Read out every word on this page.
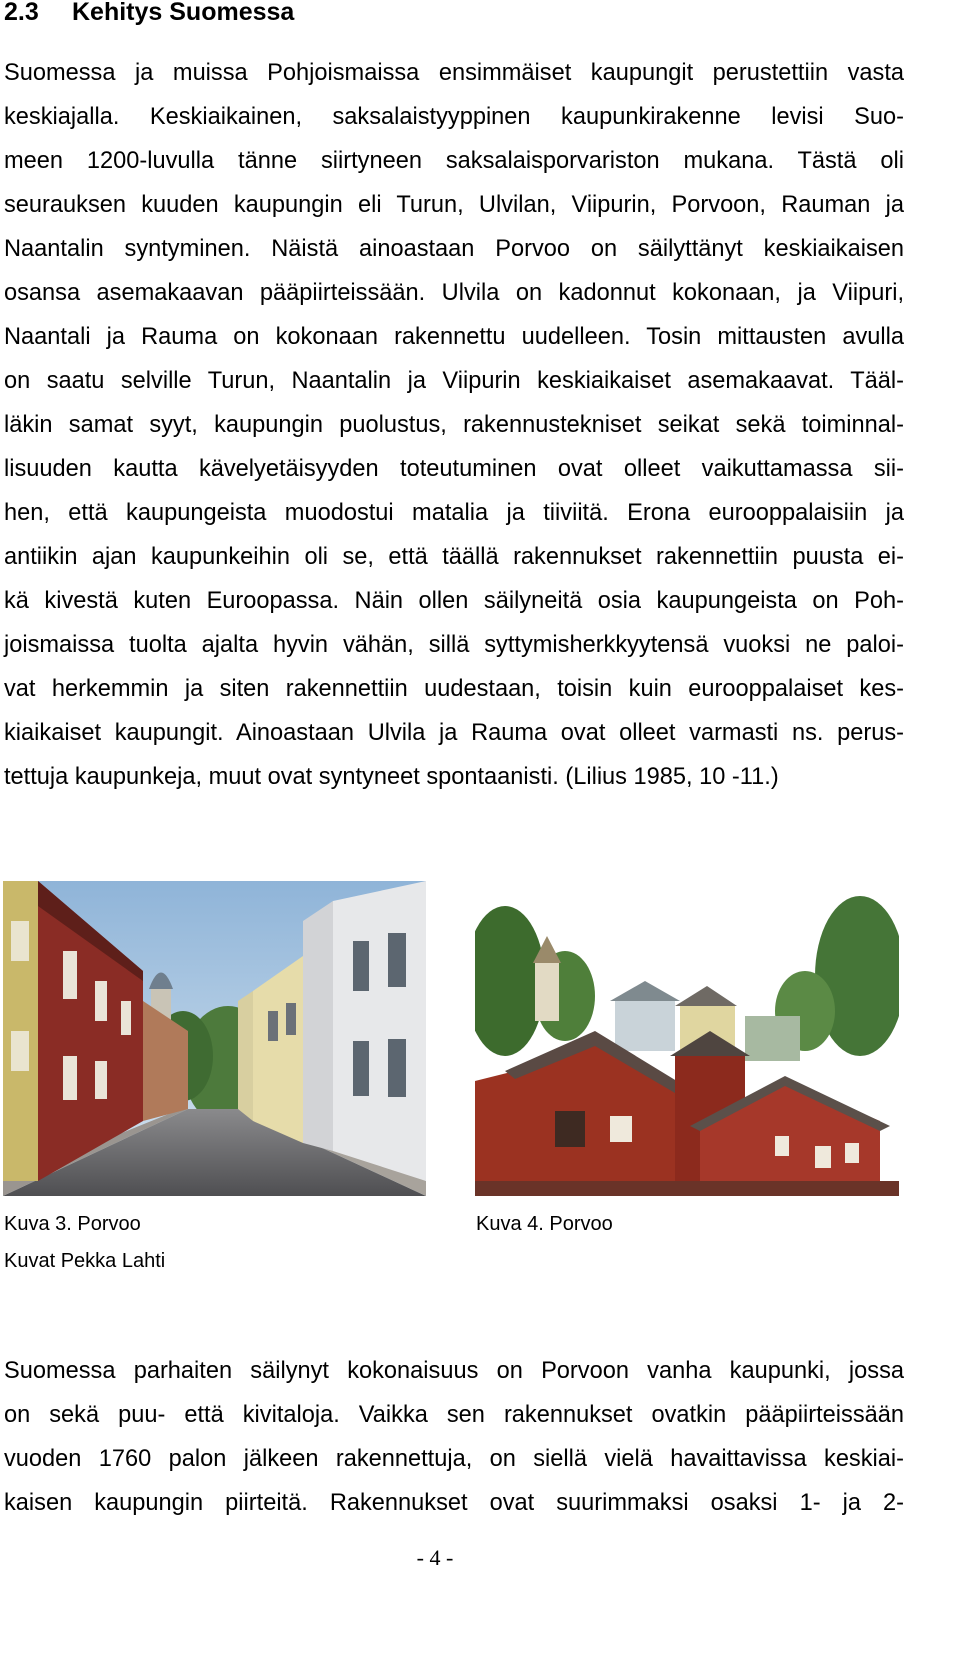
2.3 Kehitys Suomessa
Suomessa ja muissa Pohjoismaissa ensimmäiset kaupungit perustettiin vasta
keskiajalla. Keskiaikainen, saksalaistyyppinen kaupunkirakenne levisi Suo-
meen 1200-luvulla tänne siirtyneen saksalaisporvariston mukana. Tästä oli
seurauksen kuuden kaupungin eli Turun, Ulvilan, Viipurin, Porvoon, Rauman ja
Naantalin syntyminen. Näistä ainoastaan Porvoo on säilyttänyt keskiaikaisen
osansa asemakaavan pääpiirteissään. Ulvila on kadonnut kokonaan, ja Viipuri,
Naantali ja Rauma on kokonaan rakennettu uudelleen. Tosin mittausten avulla
on saatu selville Turun, Naantalin ja Viipurin keskiaikaiset asemakaavat. Tääl-
läkin samat syyt, kaupungin puolustus, rakennustekniset seikat sekä toiminnal-
lisuuden kautta kävelyetäisyyden toteutuminen ovat olleet vaikuttamassa sii-
hen, että kaupungeista muodostui matalia ja tiiviitä. Erona eurooppalaisiin ja
antiikin ajan kaupunkeihin oli se, että täällä rakennukset rakennettiin puusta ei-
kä kivestä kuten Euroopassa. Näin ollen säilyneitä osia kaupungeista on Poh-
joismaissa tuolta ajalta hyvin vähän, sillä syttymisherkkyytensä vuoksi ne paloi-
vat herkemmin ja siten rakennettiin uudestaan, toisin kuin eurooppalaiset kes-
kiaikaiset kaupungit. Ainoastaan Ulvila ja Rauma ovat olleet varmasti ns. perus-
tettuja kaupunkeja, muut ovat syntyneet spontaanisti. (Lilius 1985, 10 -11.)
Kuva 3. Porvoo	Kuva 4. Porvoo
Kuvat Pekka Lahti
Suomessa parhaiten säilynyt kokonaisuus on Porvoon vanha kaupunki, jossa
on sekä puu- että kivitaloja. Vaikka sen rakennukset ovatkin pääpiirteissään
vuoden 1760 palon jälkeen rakennettuja, on siellä vielä havaittavissa keskiai-
kaisen kaupungin piirteitä. Rakennukset ovat suurimmaksi osaksi 1- ja 2-
- 4 -
